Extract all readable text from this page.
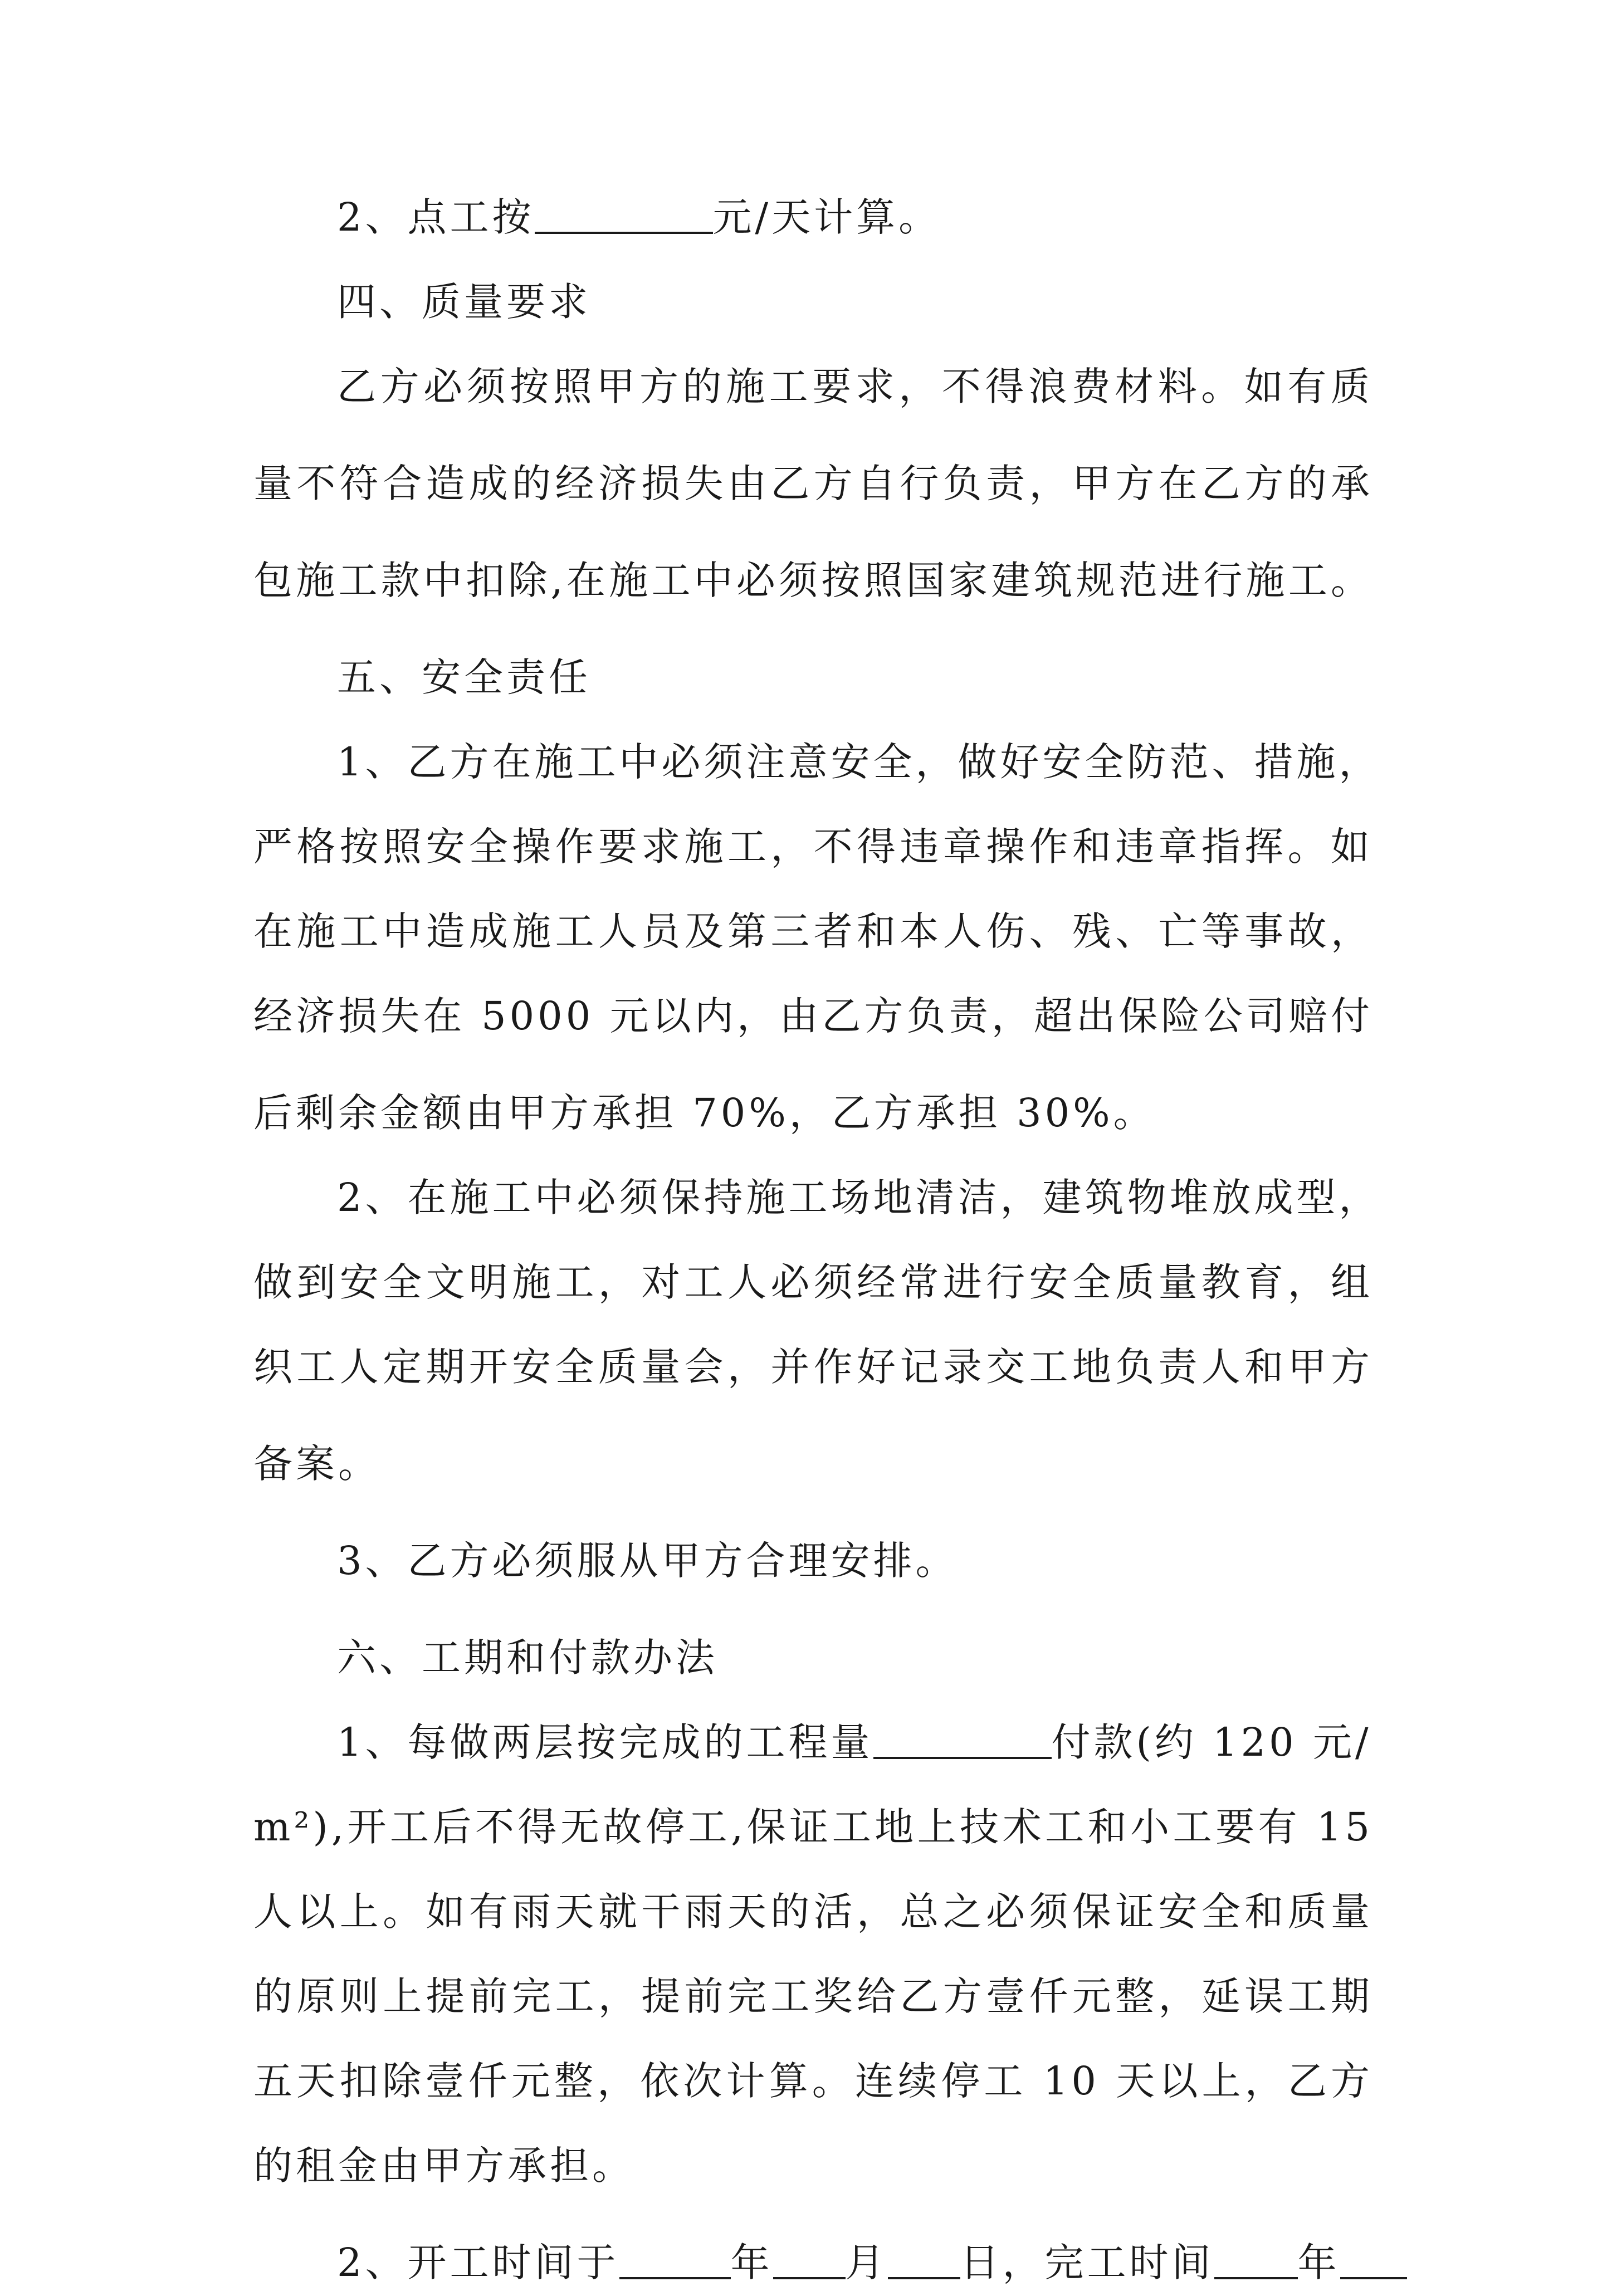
2、点工按	元/天计算。
四、质量要求
乙方必须按照甲方的施工要求，不得浪费材料。如有质
量不符合造成的经济损失由乙方自行负责，甲方在乙方的承
包施工款中扣除,在施工中必须按照国家建筑规范进行施工。
五、安全责任
1、乙方在施工中必须注意安全，做好安全防范、措施，
严格按照安全操作要求施工，不得违章操作和违章指挥。如
在施工中造成施工人员及第三者和本人伤、残、亡等事故，
经济损失在 5000 元以内，由乙方负责，超出保险公司赔付
后剩余金额由甲方承担 70%，乙方承担 30%。
2、在施工中必须保持施工场地清洁，建筑物堆放成型，
做到安全文明施工，对工人必须经常进行安全质量教育，组
织工人定期开安全质量会，并作好记录交工地负责人和甲方
备案。
3、乙方必须服从甲方合理安排。
六、工期和付款办法
1、每做两层按完成的工程量	付款(约 120 元/
m²),开工后不得无故停工,保证工地上技术工和小工要有 15
人以上。如有雨天就干雨天的活，总之必须保证安全和质量
的原则上提前完工，提前完工奖给乙方壹仟元整，延误工期
五天扣除壹仟元整，依次计算。连续停工 10 天以上，乙方
的租金由甲方承担。
2、开工时间于	年 月 日，完工时间 年
